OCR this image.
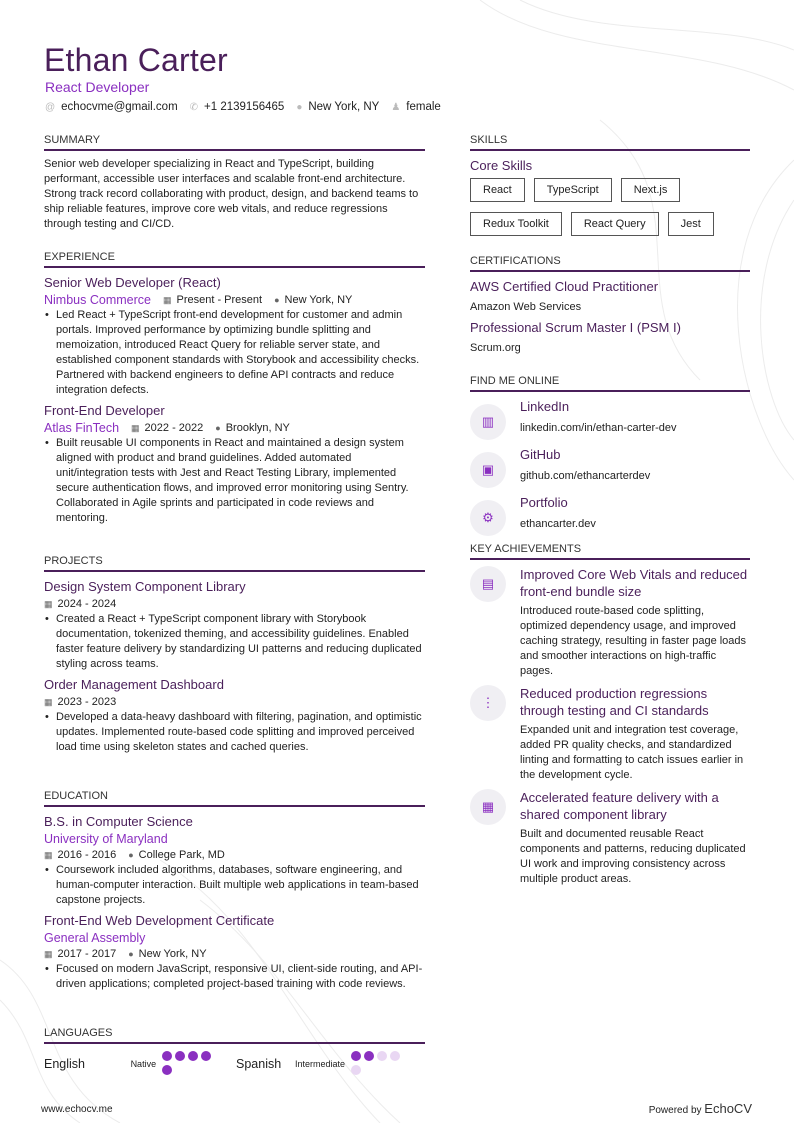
Ethan Carter
React Developer
@ echocvme@gmail.com ✆ +1 2139156465 ● New York, NY ♟ female
SUMMARY
Senior web developer specializing in React and TypeScript, building performant, accessible user interfaces and scalable front-end architecture. Strong track record collaborating with product, design, and backend teams to ship reliable features, improve core web vitals, and reduce regressions through testing and CI/CD.
EXPERIENCE
Senior Web Developer (React)
Nimbus Commerce ▦ Present - Present ● New York, NY
• Led React + TypeScript front-end development for customer and admin portals. Improved performance by optimizing bundle splitting and memoization, introduced React Query for reliable server state, and established component standards with Storybook and accessibility checks. Partnered with backend engineers to define API contracts and reduce integration defects.
Front-End Developer
Atlas FinTech ▦ 2022 - 2022 ● Brooklyn, NY
• Built reusable UI components in React and maintained a design system aligned with product and brand guidelines. Added automated unit/integration tests with Jest and React Testing Library, implemented secure authentication flows, and improved error monitoring using Sentry. Collaborated in Agile sprints and participated in code reviews and mentoring.
PROJECTS
Design System Component Library
▦ 2024 - 2024
• Created a React + TypeScript component library with Storybook documentation, tokenized theming, and accessibility guidelines. Enabled faster feature delivery by standardizing UI patterns and reducing duplicated styling across teams.
Order Management Dashboard
▦ 2023 - 2023
• Developed a data-heavy dashboard with filtering, pagination, and optimistic updates. Implemented route-based code splitting and improved perceived load time using skeleton states and cached queries.
EDUCATION
B.S. in Computer Science
University of Maryland
▦ 2016 - 2016 ● College Park, MD
• Coursework included algorithms, databases, software engineering, and human-computer interaction. Built multiple web applications in team-based capstone projects.
Front-End Web Development Certificate
General Assembly
▦ 2017 - 2017 ● New York, NY
• Focused on modern JavaScript, responsive UI, client-side routing, and API-driven applications; completed project-based training with code reviews.
LANGUAGES
English	Native	Spanish	Intermediate
SKILLS
Core Skills
React	TypeScript	Next.js
Redux Toolkit	React Query	Jest
CERTIFICATIONS
AWS Certified Cloud Practitioner
Amazon Web Services
Professional Scrum Master I (PSM I)
Scrum.org
FIND ME ONLINE
▥
LinkedIn
linkedin.com/in/ethan-carter-dev
▣
GitHub
github.com/ethancarterdev
⚙
Portfolio
ethancarter.dev
KEY ACHIEVEMENTS
▤
Improved Core Web Vitals and reduced front-end bundle size
Introduced route-based code splitting, optimized dependency usage, and improved caching strategy, resulting in faster page loads and smoother interactions on high-traffic pages.
⋮
Reduced production regressions through testing and CI standards
Expanded unit and integration test coverage, added PR quality checks, and standardized linting and formatting to catch issues earlier in the development cycle.
▦
Accelerated feature delivery with a shared component library
Built and documented reusable React components and patterns, reducing duplicated UI work and improving consistency across multiple product areas.
www.echocv.me	Powered by EchoCV
